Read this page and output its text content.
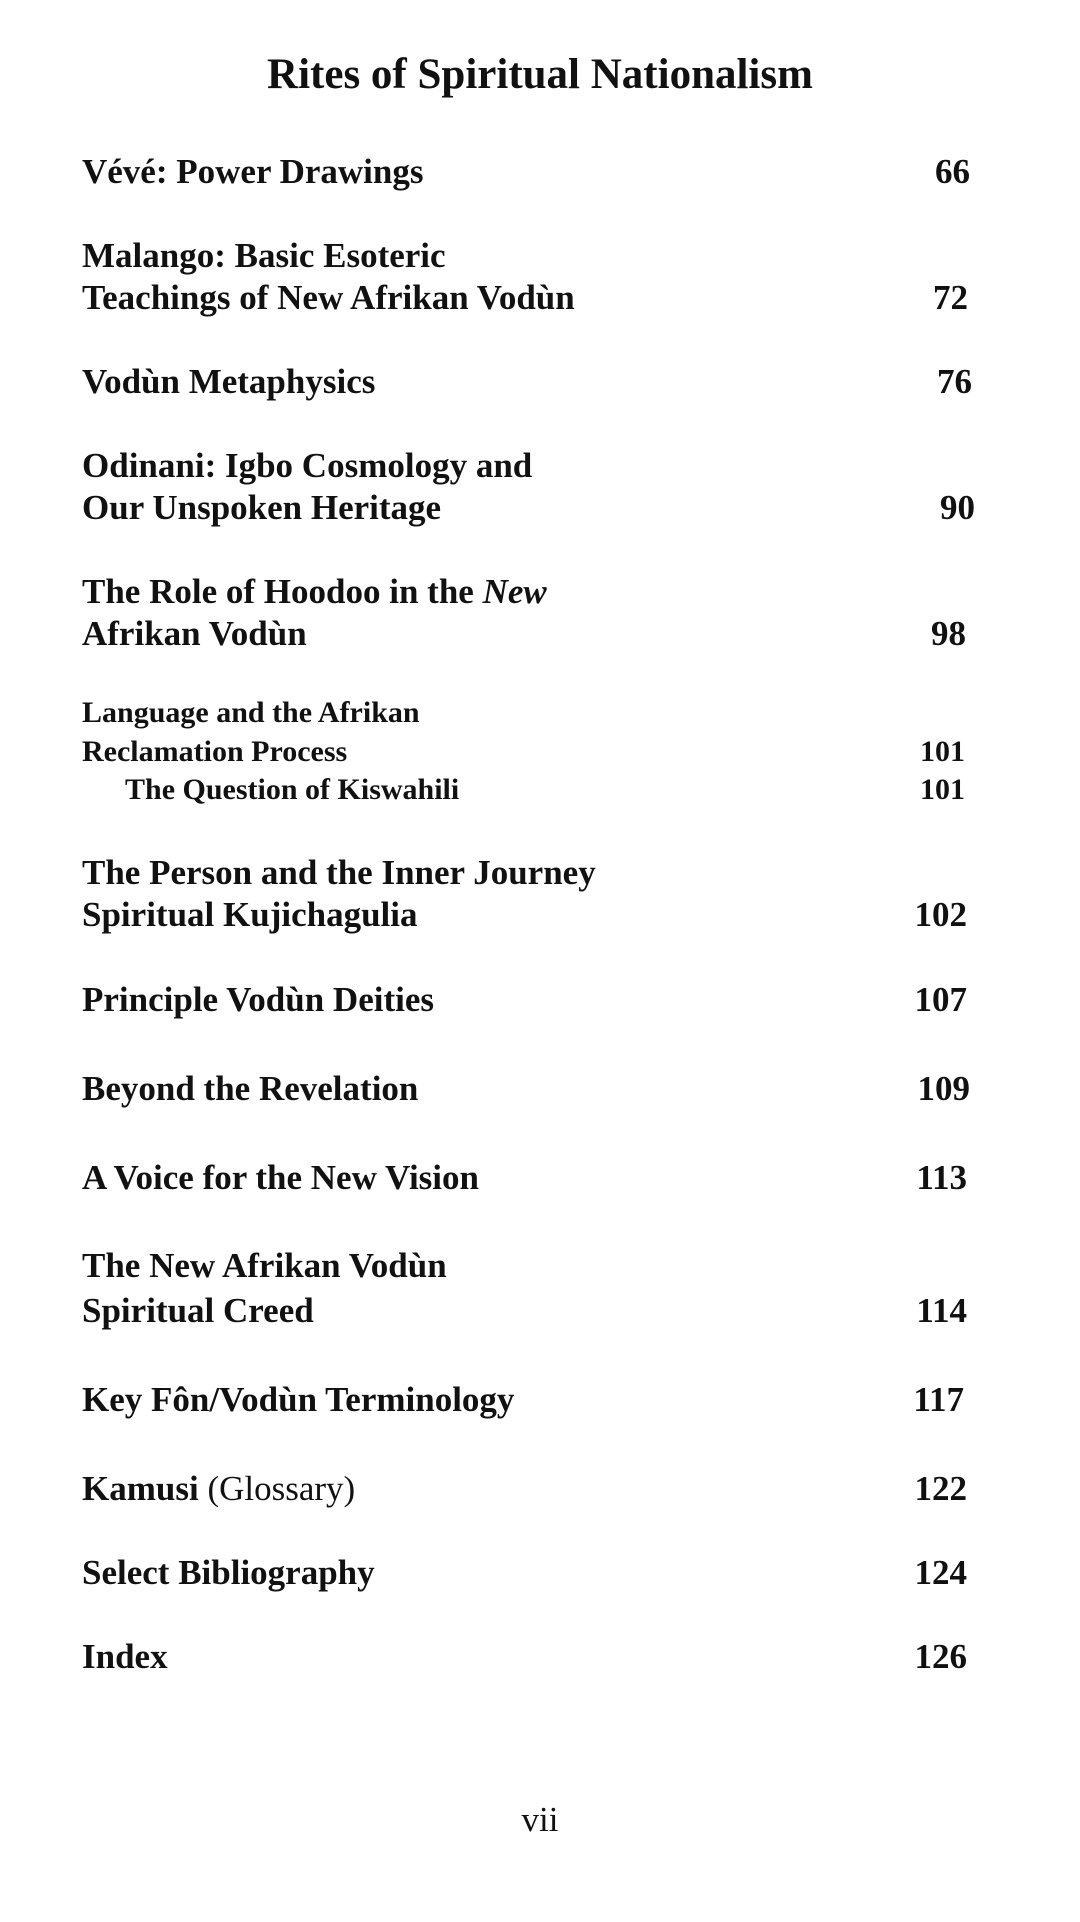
Rites of Spiritual Nationalism
Vévé: Power Drawings	66
Malango: Basic Esoteric
Teachings of New Afrikan Vodùn	72
Vodùn Metaphysics	76
Odinani: Igbo Cosmology and
Our Unspoken Heritage	90
The Role of Hoodoo in the New
Afrikan Vodùn	98
Language and the Afrikan
Reclamation Process	101
The Question of Kiswahili	101
The Person and the Inner Journey
Spiritual Kujichagulia	102
Principle Vodùn Deities	107
Beyond the Revelation	109
A Voice for the New Vision	113
The New Afrikan Vodùn
Spiritual Creed	114
Key Fôn/Vodùn Terminology	117
Kamusi (Glossary)	122
Select Bibliography	124
Index	126
vii
